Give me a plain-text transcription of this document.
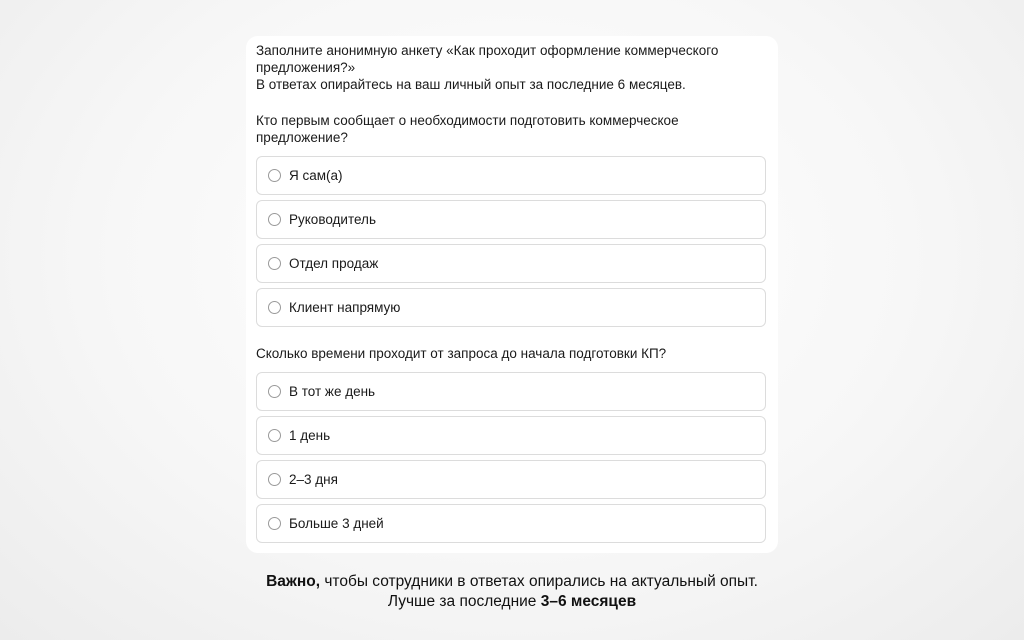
Заполните анонимную анкету «Как проходит оформление коммерческого предложения?»
В ответах опирайтесь на ваш личный опыт за последние 6 месяцев.

Кто первым сообщает о необходимости подготовить коммерческое предложение?

Я сам(а)
Руководитель
Отдел продаж
Клиент напрямую

Сколько времени проходит от запроса до начала подготовки КП?

В тот же день
1 день
2–3 дня
Больше 3 дней
Важно, чтобы сотрудники в ответах опирались на актуальный опыт.
Лучше за последние 3–6 месяцев
